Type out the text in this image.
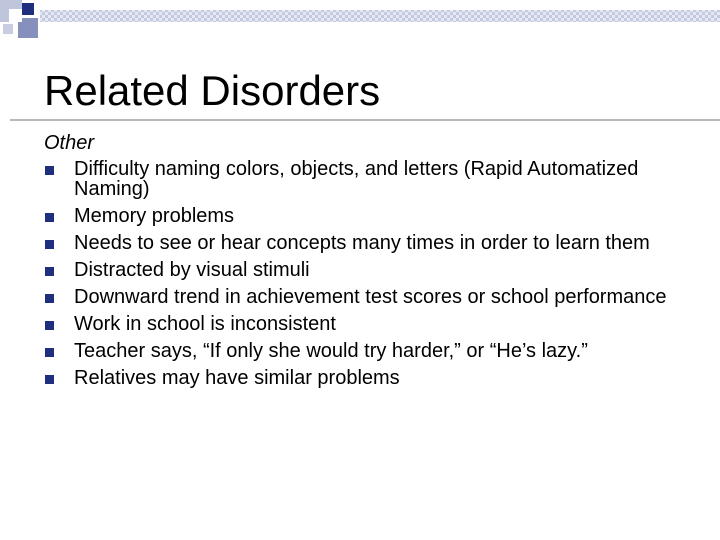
Related Disorders
Other
Difficulty naming colors, objects, and letters (Rapid Automatized Naming)
Memory problems
Needs to see or hear concepts many times in order to learn them
Distracted by visual stimuli
Downward trend in achievement test scores or school performance
Work in school is inconsistent
Teacher says, “If only she would try harder,” or “He’s lazy.”
Relatives may have similar problems
